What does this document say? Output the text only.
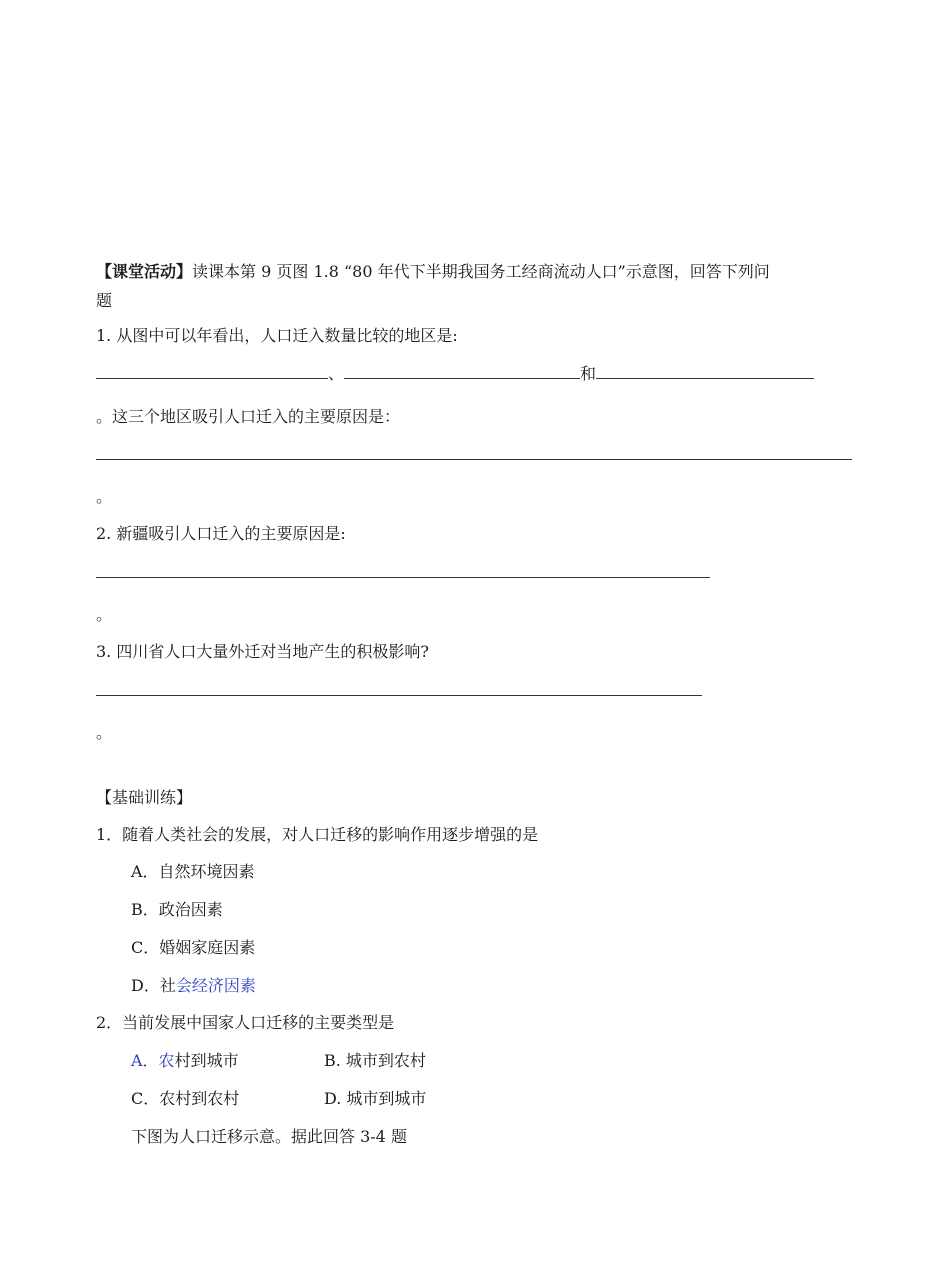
【课堂活动】读课本第 9 页图 1.8 “80 年代下半期我国务工经商流动人口”示意图，回答下列问
题
1. 从图中可以年看出，人口迁入数量比较的地区是:
、	和
。这三个地区吸引人口迁入的主要原因是：
。
2. 新疆吸引人口迁入的主要原因是:
。
3. 四川省人口大量外迁对当地产生的积极影响?
。
【基础训练】
1．随着人类社会的发展，对人口迁移的影响作用逐步增强的是
A．自然环境因素
B．政治因素
C．婚姻家庭因素
D．社会经济因素
2．当前发展中国家人口迁移的主要类型是
A．农村到城市	B. 城市到农村
C．农村到农村	D. 城市到城市
下图为人口迁移示意。据此回答 3-4 题
